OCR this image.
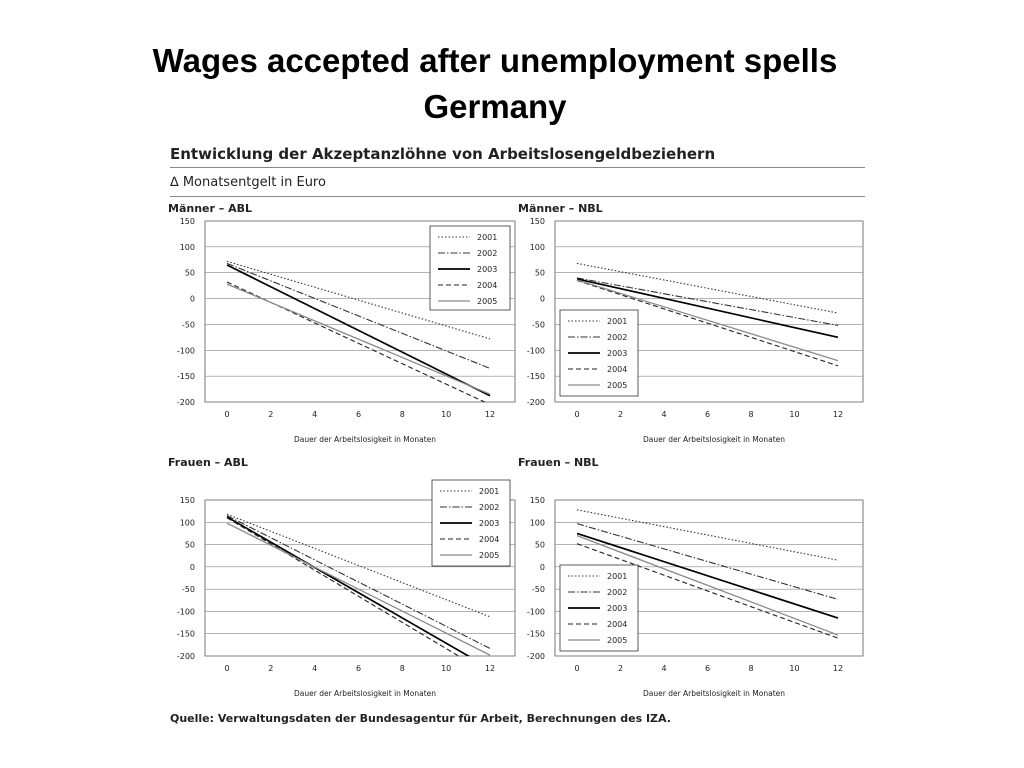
Wages accepted after unemployment spells
Germany
Entwicklung der Akzeptanzlöhne von Arbeitslosengeldbeziehern
∆ Monatsentgelt in Euro
Männer – ABL
150
100
50
0
-50
-100
-150
-200
0	2	4	6	8	10	12
Dauer der Arbeitslosigkeit in Monaten
2001
2002
2003
2004
2005
Männer – NBL
150
100
50
0
-50
-100
-150
-200
0	2	4	6	8	10	12
Dauer der Arbeitslosigkeit in Monaten
2001
2002
2003
2004
2005
Frauen – ABL
150
100
50
0
-50
-100
-150
-200
0	2	4	6	8	10	12
Dauer der Arbeitslosigkeit in Monaten
2001
2002
2003
2004
2005
Frauen – NBL
150
100
50
0
-50
-100
-150
-200
0	2	4	6	8	10	12
Dauer der Arbeitslosigkeit in Monaten
2001
2002
2003
2004
2005
Quelle: Verwaltungsdaten der Bundesagentur für Arbeit, Berechnungen des IZA.
